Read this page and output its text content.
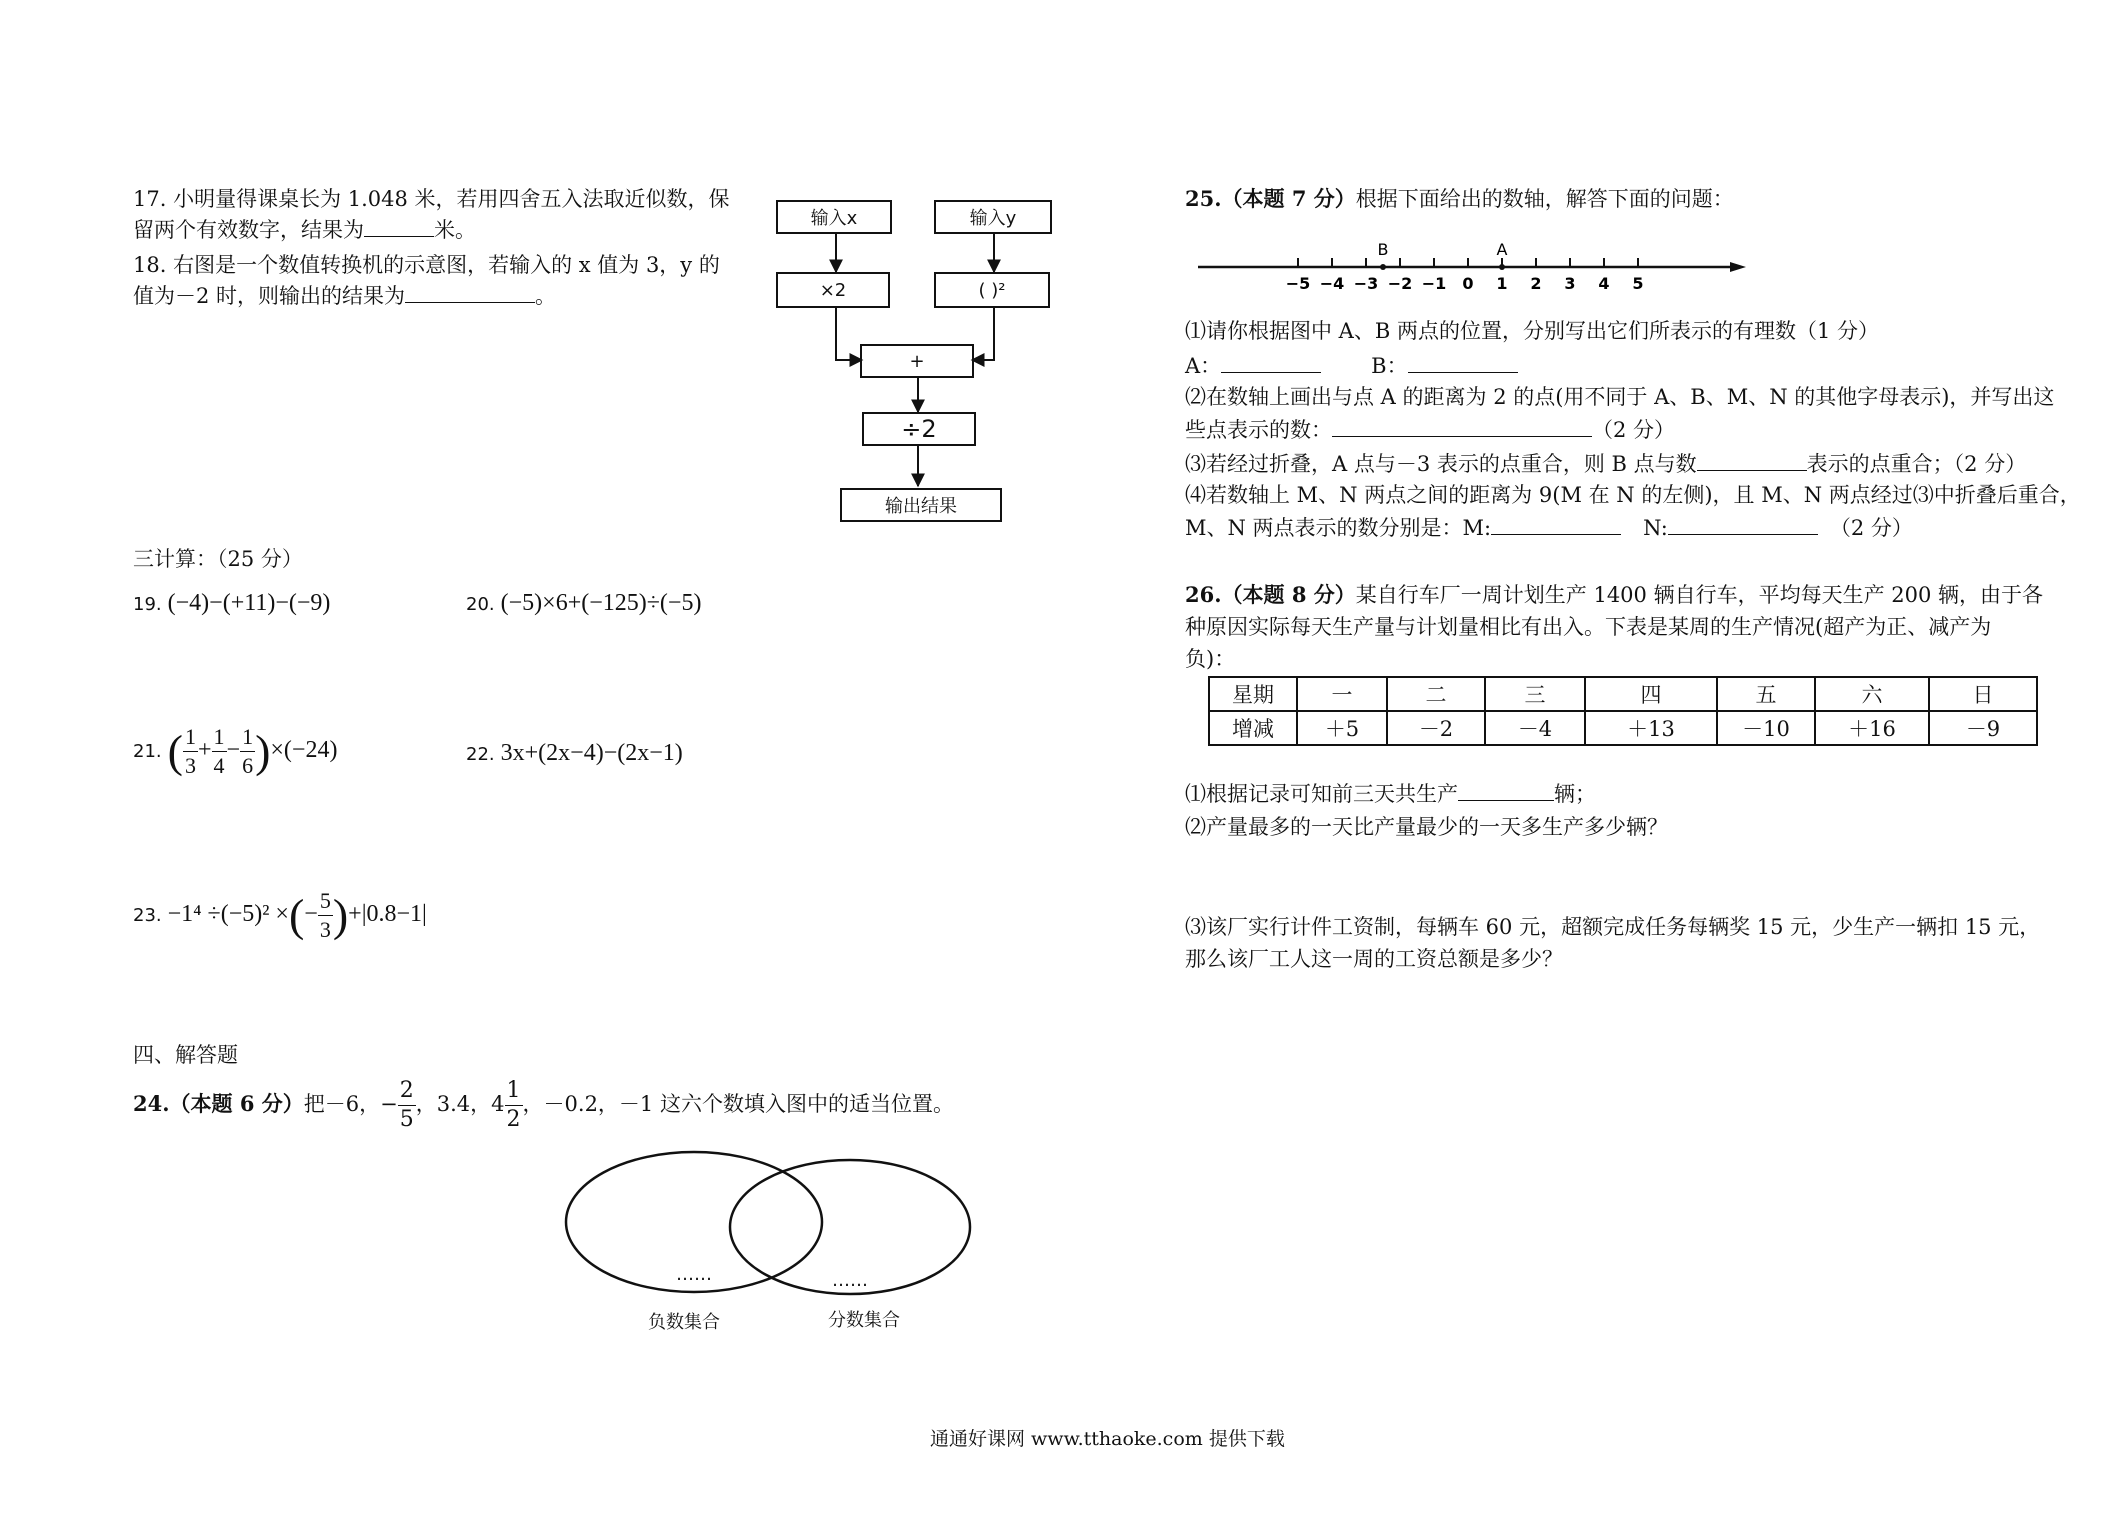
17. 小明量得课桌长为 1.048 米，若用四舍五入法取近似数，保
留两个有效数字，结果为	米。
18. 右图是一个数值转换机的示意图，若输入的 x 值为 3，y 的
值为－2 时，则输出的结果为	。
输入x	输入y
×2	( )²
+
÷2
输出结果
三计算：（25 分）
19. (−4)−(+11)−(−9)	20. (−5)×6+(−125)÷(−5)
21. ( $\frac{1}{3} + \frac{1}{4} - \frac{1}{6} )\times(-24)$	22. 3x+(2x−4)−(2x−1)
23. −1⁴ ÷(−5)² ×(− $\frac{5}{3} )+|0.8-1|$
四、解答题
24.（本题 6 分）把－6，− $\frac{2}{5}$ ，3.4，$4 \frac{1}{2}$ ，－0.2，－1 这六个数填入图中的适当位置。
……	……
负数集合	分数集合
25.（本题 7 分）根据下面给出的数轴，解答下面的问题：
−5 −4 −3 −2 −1 0 1 2 3 4 5
A
B
⑴请你根据图中 A、B 两点的位置，分别写出它们所表示的有理数（1 分）
A：	B：
⑵在数轴上画出与点 A 的距离为 2 的点(用不同于 A、B、M、N 的其他字母表示)，并写出这
些点表示的数：	（2 分）
⑶若经过折叠，A 点与－3 表示的点重合，则 B 点与数	表示的点重合；（2 分）
⑷若数轴上 M、N 两点之间的距离为 9(M 在 N 的左侧)，且 M、N 两点经过⑶中折叠后重合，
M、N 两点表示的数分别是：M:	N:	（2 分）
26.（本题 8 分）某自行车厂一周计划生产 1400 辆自行车，平均每天生产 200 辆，由于各
种原因实际每天生产量与计划量相比有出入。下表是某周的生产情况(超产为正、减产为
负)：
星期	一	二	三	四	五	六	日
增减	＋5	－2	－4	＋13	－10	＋16	－9
⑴根据记录可知前三天共生产	辆；
⑵产量最多的一天比产量最少的一天多生产多少辆？
⑶该厂实行计件工资制，每辆车 60 元，超额完成任务每辆奖 15 元，少生产一辆扣 15 元，
那么该厂工人这一周的工资总额是多少？
通通好课网 www.tthaoke.com 提供下载
